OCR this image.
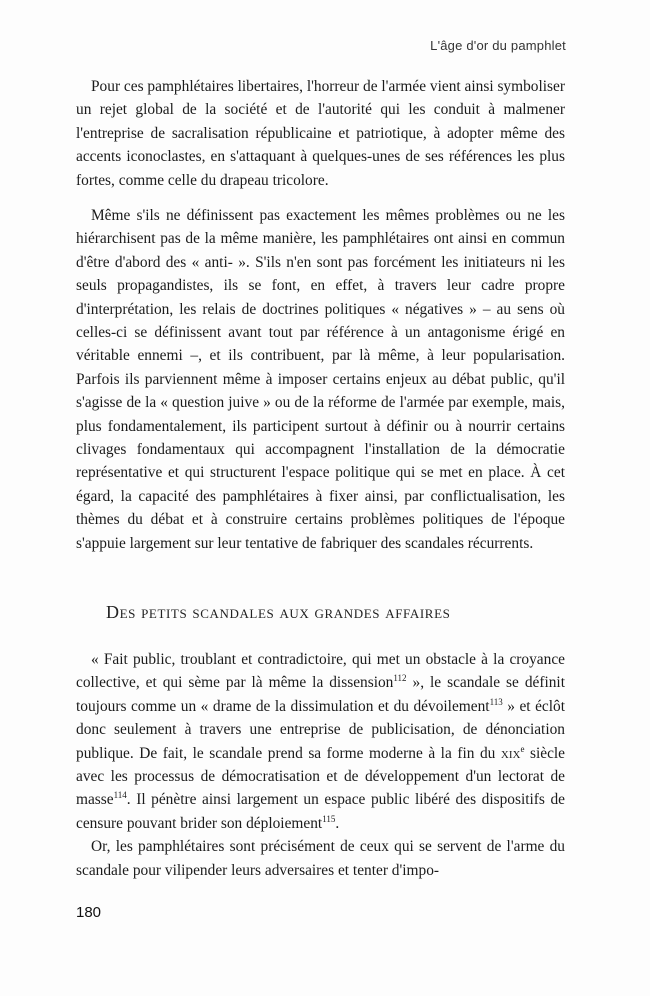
L'âge d'or du pamphlet

Pour ces pamphlétaires libertaires, l'horreur de l'armée vient ainsi symboliser un rejet global de la société et de l'autorité qui les conduit à malmener l'entreprise de sacralisation républicaine et patriotique, à adopter même des accents iconoclastes, en s'attaquant à quelques-unes de ses références les plus fortes, comme celle du drapeau tricolore.

Même s'ils ne définissent pas exactement les mêmes problèmes ou ne les hiérarchisent pas de la même manière, les pamphlétaires ont ainsi en commun d'être d'abord des « anti- ». S'ils n'en sont pas forcément les initiateurs ni les seuls propagandistes, ils se font, en effet, à travers leur cadre propre d'interprétation, les relais de doctrines politiques « négatives » – au sens où celles-ci se définissent avant tout par référence à un antagonisme érigé en véritable ennemi –, et ils contribuent, par là même, à leur popularisation. Parfois ils parviennent même à imposer certains enjeux au débat public, qu'il s'agisse de la « question juive » ou de la réforme de l'armée par exemple, mais, plus fondamentalement, ils participent surtout à définir ou à nourrir certains clivages fondamentaux qui accompagnent l'installation de la démocratie représentative et qui structurent l'espace politique qui se met en place. À cet égard, la capacité des pamphlétaires à fixer ainsi, par conflictualisation, les thèmes du débat et à construire certains problèmes politiques de l'époque s'appuie largement sur leur tentative de fabriquer des scandales récurrents.

Des petits scandales aux grandes affaires

« Fait public, troublant et contradictoire, qui met un obstacle à la croyance collective, et qui sème par là même la dissension$^{112}$ », le scandale se définit toujours comme un « drame de la dissimulation et du dévoilement$^{113}$ » et éclôt donc seulement à travers une entreprise de publicisation, de dénonciation publique. De fait, le scandale prend sa forme moderne à la fin du xix$^e$ siècle avec les processus de démocratisation et de développement d'un lectorat de masse$^{114}$. Il pénètre ainsi largement un espace public libéré des dispositifs de censure pouvant brider son déploiement$^{115}$.

Or, les pamphlétaires sont précisément de ceux qui se servent de l'arme du scandale pour vilipender leurs adversaires et tenter d'impo-

180
